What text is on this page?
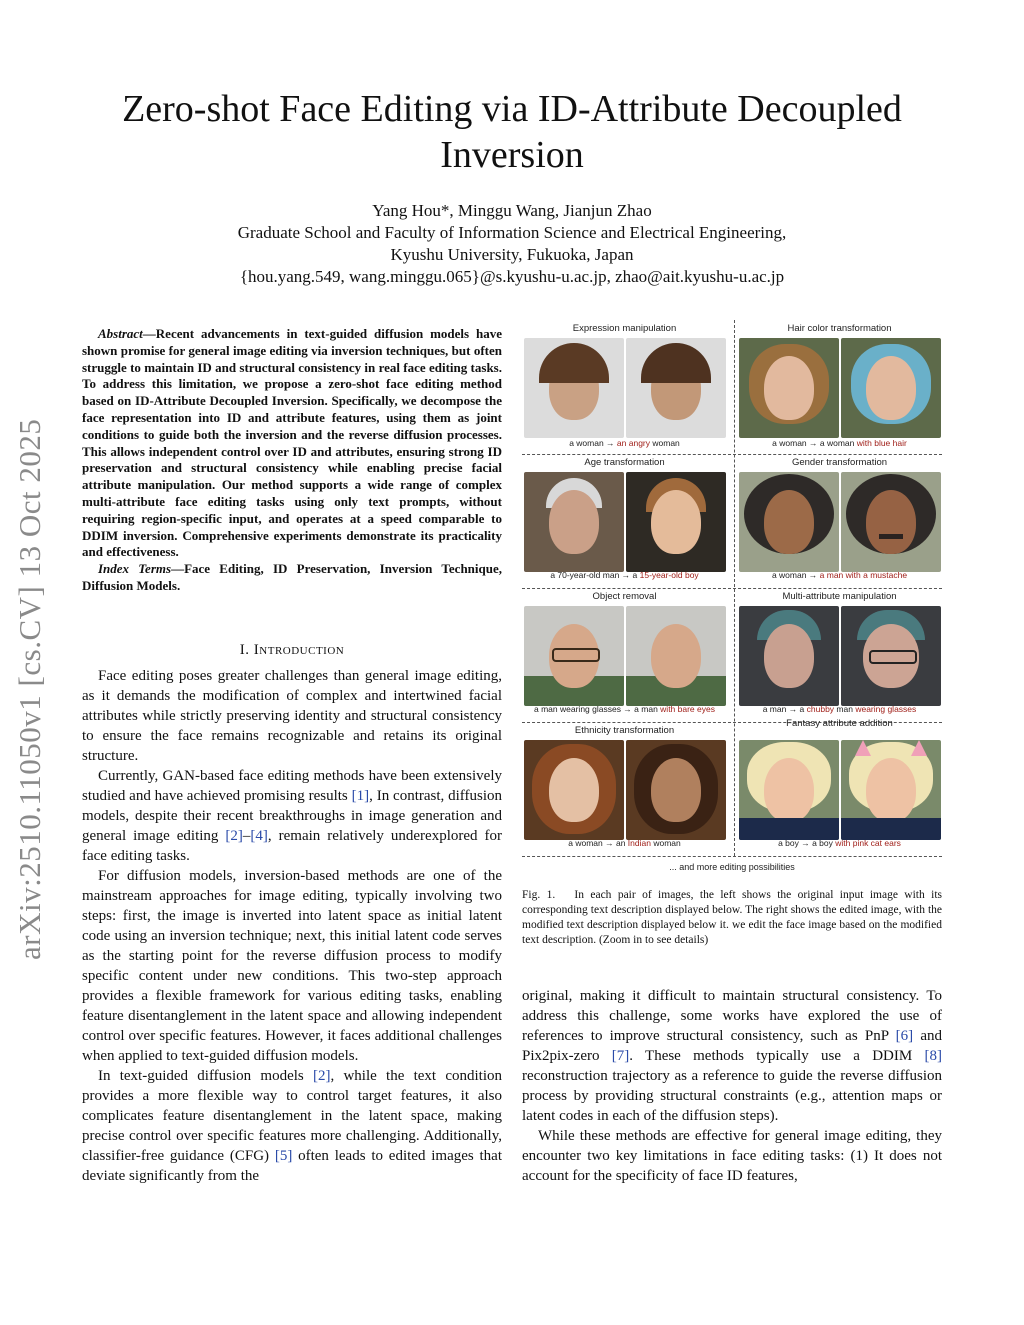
arXiv:2510.11050v1 [cs.CV] 13 Oct 2025
Zero-shot Face Editing via ID-Attribute Decoupled Inversion
Yang Hou*, Minggu Wang, Jianjun Zhao
Graduate School and Faculty of Information Science and Electrical Engineering,
Kyushu University, Fukuoka, Japan
{hou.yang.549, wang.minggu.065}@s.kyushu-u.ac.jp, zhao@ait.kyushu-u.ac.jp
Abstract—Recent advancements in text-guided diffusion models have shown promise for general image editing via inversion techniques, but often struggle to maintain ID and structural consistency in real face editing tasks. To address this limitation, we propose a zero-shot face editing method based on ID-Attribute Decoupled Inversion. Specifically, we decompose the face representation into ID and attribute features, using them as joint conditions to guide both the inversion and the reverse diffusion processes. This allows independent control over ID and attributes, ensuring strong ID preservation and structural consistency while enabling precise facial attribute manipulation. Our method supports a wide range of complex multi-attribute face editing tasks using only text prompts, without requiring region-specific input, and operates at a speed comparable to DDIM inversion. Comprehensive experiments demonstrate its practicality and effectiveness.
Index Terms—Face Editing, ID Preservation, Inversion Technique, Diffusion Models.
I. Introduction

Face editing poses greater challenges than general image editing, as it demands the modification of complex and intertwined facial attributes while strictly preserving identity and structural consistency to ensure the face remains recognizable and retains its original structure.

Currently, GAN-based face editing methods have been extensively studied and have achieved promising results [1], In contrast, diffusion models, despite their recent breakthroughs in image generation and general image editing [2]–[4], remain relatively underexplored for face editing tasks.

For diffusion models, inversion-based methods are one of the mainstream approaches for image editing, typically involving two steps: first, the image is inverted into latent space as initial latent code using an inversion technique; next, this initial latent code serves as the starting point for the reverse diffusion process to modify specific content under new conditions. This two-step approach provides a flexible framework for various editing tasks, enabling feature disentanglement in the latent space and allowing independent control over specific features. However, it faces additional challenges when applied to text-guided diffusion models.

In text-guided diffusion models [2], while the text condition provides a more flexible way to control target features, it also complicates feature disentanglement in the latent space, making precise control over specific features more challenging. Additionally, classifier-free guidance (CFG) [5] often leads to edited images that deviate significantly from the

Expression manipulation
a woman → an angry woman
Hair color transformation
a woman → a woman with blue hair
Age transformation
a 70-year-old man → a 15-year-old boy
Gender transformation
a woman → a man with a mustache
Object removal
a man wearing glasses → a man with bare eyes
Multi-attribute manipulation
a man → a chubby man wearing glasses
Ethnicity transformation
a woman → an Indian woman
Fantasy attribute addition
a boy → a boy with pink cat ears
... and more editing possibilities
Fig. 1. In each pair of images, the left shows the original input image with its corresponding text description displayed below. The right shows the edited image, with the modified text description displayed below it. we edit the face image based on the modified text description. (Zoom in to see details)

original, making it difficult to maintain structural consistency. To address this challenge, some works have explored the use of references to improve structural consistency, such as PnP [6] and Pix2pix-zero [7]. These methods typically use a DDIM [8] reconstruction trajectory as a reference to guide the reverse diffusion process by providing structural constraints (e.g., attention maps or latent codes in each of the diffusion steps).

While these methods are effective for general image editing, they encounter two key limitations in face editing tasks: (1) It does not account for the specificity of face ID features,
